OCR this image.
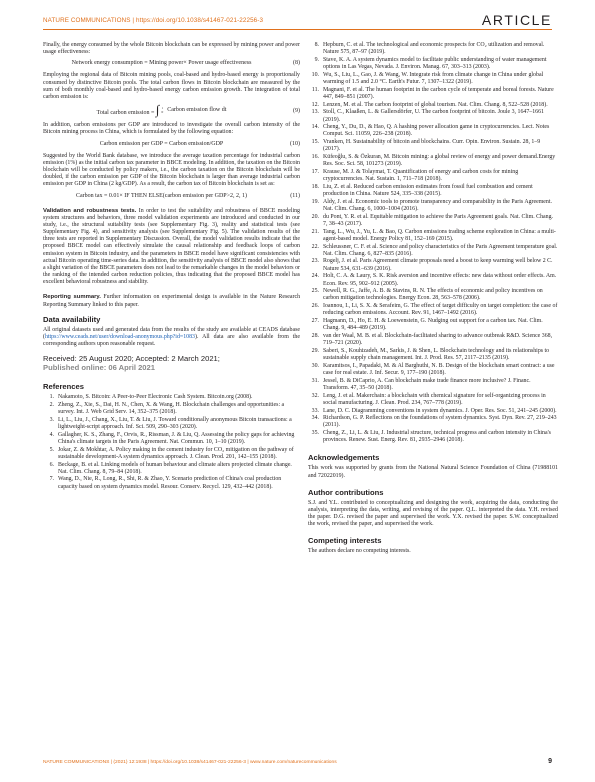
NATURE COMMUNICATIONS | https://doi.org/10.1038/s41467-021-22256-3	ARTICLE

Finally, the energy consumed by the whole Bitcoin blockchain can be expressed by mining power and power usage effectiveness:

Network energy consumption = Mining power× Power usage effectiveness	(8)

Employing the regional data of Bitcoin mining pools, coal-based and hydro-based energy is proportionally consumed by distinctive Bitcoin pools. The total carbon flows in Bitcoin blockchain are measured by the sum of both monthly coal-based and hydro-based energy carbon emission growth. The integration of total carbon emission is:

Total carbon emission = ∫ t
0 Carbon emission flow dt	(9)

In addition, carbon emissions per GDP are introduced to investigate the overall carbon intensity of the Bitcoin mining process in China, which is formulated by the following equation:

Carbon emission per GDP = Carbon emission/GDP	(10)

Suggested by the World Bank database, we introduce the average taxation percentage for industrial carbon emission (1%) as the initial carbon tax parameter in BBCE modeling. In addition, the taxation on the Bitcoin blockchain will be conducted by policy makers, i.e., the carbon taxation on the Bitcoin blockchain will be doubled, if the carbon emission per GDP of the Bitcoin blockchain is larger than average industrial carbon emission per GDP in China (2 kg/GDP). As a result, the carbon tax of Bitcoin blockchain is set as:

Carbon tax = 0.01× IF THEN ELSE(carbon emission per GDP>2, 2, 1)	(11)

Validation and robustness tests. In order to test the suitability and robustness of BBCE modeling system structures and behaviors, three model validation experiments are introduced and conducted in our study, i.e., the structural suitability tests (see Supplementary Fig. 3), reality and statistical tests (see Supplementary Fig. 4), and sensitivity analysis (see Supplementary Fig. 5). The validation results of the three tests are reported in Supplementary Discussion. Overall, the model validation results indicate that the proposed BBCE model can effectively simulate the causal relationship and feedback loops of carbon emission system in Bitcoin industry, and the parameters in BBCE model have significant consistencies with actual Bitcoin operating time-series data. In addition, the sensitivity analysis of BBCE model also shows that a slight variation of the BBCE parameters does not lead to the remarkable changes in the model behaviors or the ranking of the intended carbon reduction policies, thus indicating that the proposed BBCE model has excellent behavioral robustness and stability.

Reporting summary. Further information on experimental design is available in the Nature Research Reporting Summary linked to this paper.

Data availability

All original datasets used and generated data from the results of the study are available at CEADS database (https://www.ceads.net/user/download-anonymous.php?id=1083). All data are also available from the corresponding authors upon reasonable request.

Received: 25 August 2020; Accepted: 2 March 2021;
Published online: 06 April 2021
References
1. Nakamoto, S. Bitcoin: A Peer-to-Peer Electronic Cash System. Bitcoin.org (2008).
2. Zheng, Z., Xie, S., Dai, H. N., Chen, X. & Wang, H. Blockchain challenges and opportunities: a survey. Int. J. Web Grid Serv. 14, 352–375 (2018).
3. Li, L., Liu, J., Chang, X., Liu, T. & Liu, J. Toward conditionally anonymous Bitcoin transactions: a lightweight-script approach. Inf. Sci. 509, 290–303 (2020).
4. Gallagher, K. S., Zhang, F., Orvis, R., Rissman, J. & Liu, Q. Assessing the policy gaps for achieving China's climate targets in the Paris Agreement. Nat. Commun. 10, 1–10 (2019).
5. Jokar, Z. & Mokhtar, A. Policy making in the cement industry for CO₂ mitigation on the pathway of sustainable development-A system dynamics approach. J. Clean. Prod. 201, 142–155 (2018).
6. Beckage, B. et al. Linking models of human behaviour and climate alters projected climate change. Nat. Clim. Chang. 8, 79–84 (2018).
7. Wang, D., Nie, R., Long, R., Shi, R. & Zhao, Y. Scenario prediction of China's coal production capacity based on system dynamics model. Resour. Conserv. Recycl. 129, 432–442 (2018).
8. Hepburn, C. et al. The technological and economic prospects for CO₂ utilization and removal. Nature 575, 87–97 (2019).
9. Stave, K. A. A system dynamics model to facilitate public understanding of water management options in Las Vegas, Nevada. J. Environ. Manag. 67, 303–313 (2003).
10. Wu, S., Liu, L., Gao, J. & Wang, W. Integrate risk from climate change in China under global warming of 1.5 and 2.0 °C. Earth's Futur. 7, 1307–1322 (2019).
11. Magnani, F. et al. The human footprint in the carbon cycle of temperate and boreal forests. Nature 447, 849–851 (2007).
12. Lenzen, M. et al. The carbon footprint of global tourism. Nat. Clim. Chang. 8, 522–528 (2018).
13. Stoll, C., Klaaßen, L. & Gallersdörfer, U. The carbon footprint of bitcoin. Joule 3, 1647–1661 (2019).
14. Cheng, Y., Du, D., & Hao, Q. A hashing power allocation game in cryptocurrencies. Lect. Notes Comput. Sci. 11059, 226–238 (2018).
15. Vranken, H. Sustainability of bitcoin and blockchains. Curr. Opin. Environ. Sustain. 28, 1–9 (2017).
16. Küfeoğlu, S. & Özkuran, M. Bitcoin mining: a global review of energy and power demand.Energy Res. Soc. Sci. 58, 101273 (2019).
17. Krause, M. J. & Tolaymat, T. Quantification of energy and carbon costs for mining cryptocurrencies. Nat. Sustain. 1, 711–718 (2018).
18. Liu, Z. et al. Reduced carbon emission estimates from fossil fuel combustion and cement production in China. Nature 524, 335–338 (2015).
19. Aldy, J. et al. Economic tools to promote transparency and comparability in the Paris Agreement. Nat. Clim. Chang. 6, 1000–1004 (2016).
20. du Pont, Y. R. et al. Equitable mitigation to achieve the Paris Agreement goals. Nat. Clim. Chang. 7, 38–43 (2017).
21. Tang, L., Wu, J., Yu, L. & Bao, Q. Carbon emissions trading scheme exploration in China: a multi-agent-based model. Energy Policy 81, 152–169 (2015).
22. Schleussner, C. F. et al. Science and policy characteristics of the Paris Agreement temperature goal. Nat. Clim. Chang. 6, 827–835 (2016).
23. Rogelj, J. et al. Paris Agreement climate proposals need a boost to keep warming well below 2 C. Nature 534, 631–639 (2016).
24. Holt, C. A. & Laury, S. K. Risk aversion and incentive effects: new data without order effects. Am. Econ. Rev. 95, 902–912 (2005).
25. Newell, R. G., Jaffe, A. B. & Stavins, R. N. The effects of economic and policy incentives on carbon mitigation technologies. Energy Econ. 28, 563–578 (2006).
26. Ioannou, I., Li, S. X. & Serafeim, G. The effect of target difficulty on target completion: the case of reducing carbon emissions. Account. Rev. 91, 1467–1492 (2016).
27. Hagmann, D., Ho, E. H. & Loewenstein, G. Nudging out support for a carbon tax. Nat. Clim. Chang. 9, 484–489 (2019).
28. van der Waal, M. B. et al. Blockchain-facilitated sharing to advance outbreak R&D. Science 368, 719–721 (2020).
29. Saberi, S., Kouhizadeh, M., Sarkis, J. & Shen, L. Blockchain technology and its relationships to sustainable supply chain management. Int. J. Prod. Res. 57, 2117–2135 (2019).
30. Karamitsos, I., Papadaki, M. & Al Barghuthi, N. B. Design of the blockchain smart contract: a use case for real estate. J. Inf. Secur. 9, 177–190 (2018).
31. Jessel, B. & DiCaprio, A. Can blockchain make trade finance more inclusive? J. Financ. Transform. 47, 35–50 (2018).
32. Leng, J. et al. Makerchain: a blockchain with chemical signature for self-organizing process in social manufacturing. J. Clean. Prod. 234, 767–778 (2019).
33. Lane, D. C. Diagramming conventions in system dynamics. J. Oper. Res. Soc. 51, 241–245 (2000).
34. Richardson, G. P. Reflections on the foundations of system dynamics. Syst. Dyn. Rev. 27, 219–243 (2011).
35. Cheng, Z., Li, L. & Liu, J. Industrial structure, technical progress and carbon intensity in China's provinces. Renew. Sust. Energ. Rev. 81, 2935–2946 (2018).
Acknowledgements

This work was supported by grants from the National Natural Science Foundation of China (71988101 and 72022019).

Author contributions

S.J. and Y.L. contributed to conceptualizing and designing the work, acquiring the data, conducting the analysis, interpreting the data, writing, and revising of the paper. Q.L. interpreted the data. Y.H. revised the paper. D.G. revised the paper and supervised the work. Y.X. revised the paper. S.W. conceptualized the work, revised the paper, and supervised the work.

Competing interests

The authors declare no competing interests.

NATURE COMMUNICATIONS | (2021) 12:1938 | https://doi.org/10.1038/s41467-021-22256-3 | www.nature.com/naturecommunications	9
